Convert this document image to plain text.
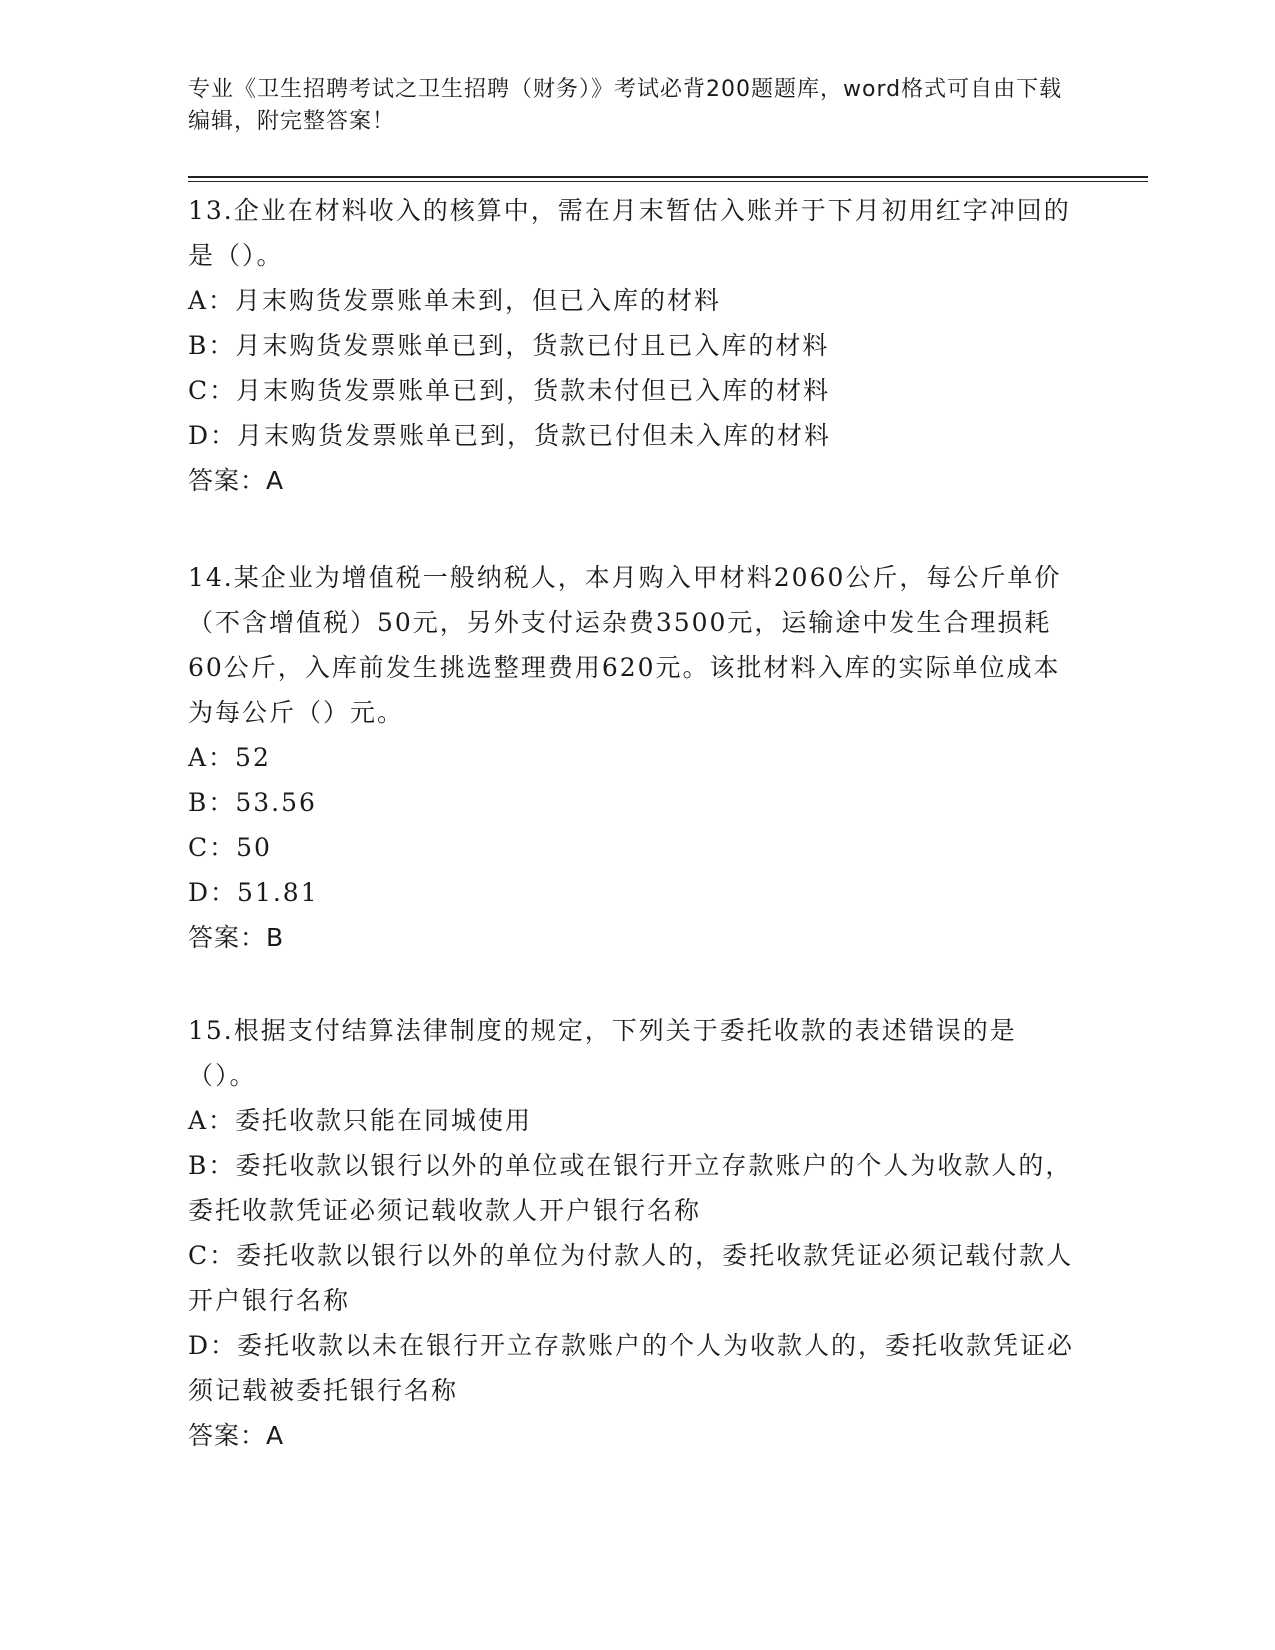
专业《卫生招聘考试之卫生招聘（财务）》考试必背200题题库，word格式可自由下载编辑，附完整答案！
13.企业在材料收入的核算中，需在月末暂估入账并于下月初用红字冲回的是（）。
A：月末购货发票账单未到，但已入库的材料
B：月末购货发票账单已到，货款已付且已入库的材料
C：月末购货发票账单已到，货款未付但已入库的材料
D：月末购货发票账单已到，货款已付但未入库的材料
答案：A
14.某企业为增值税一般纳税人，本月购入甲材料2060公斤，每公斤单价（不含增值税）50元，另外支付运杂费3500元，运输途中发生合理损耗60公斤，入库前发生挑选整理费用620元。该批材料入库的实际单位成本为每公斤（）元。
A：52
B：53.56
C：50
D：51.81
答案：B
15.根据支付结算法律制度的规定，下列关于委托收款的表述错误的是（）。
A：委托收款只能在同城使用
B：委托收款以银行以外的单位或在银行开立存款账户的个人为收款人的，委托收款凭证必须记载收款人开户银行名称
C：委托收款以银行以外的单位为付款人的，委托收款凭证必须记载付款人开户银行名称
D：委托收款以未在银行开立存款账户的个人为收款人的，委托收款凭证必须记载被委托银行名称
答案：A
